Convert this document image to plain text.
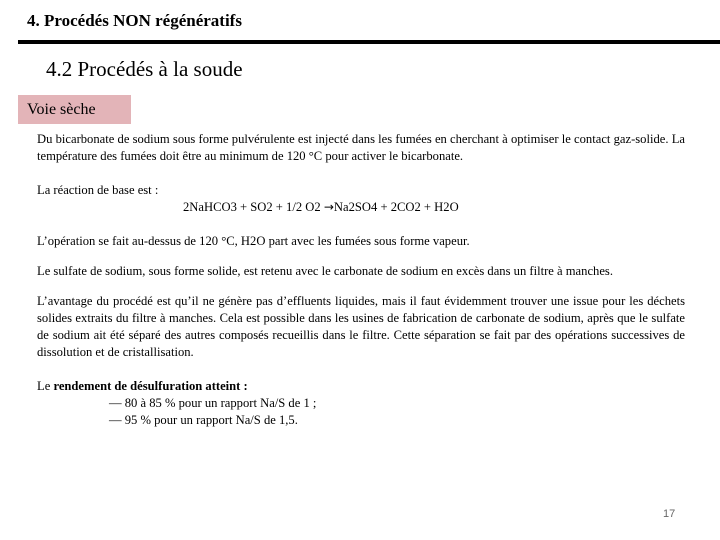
4. Procédés NON régénératifs
4.2 Procédés à la soude
Voie sèche

Du bicarbonate de sodium sous forme pulvérulente est injecté dans les fumées en cherchant à optimiser le contact gaz-solide. La température des fumées doit être au minimum de 120 °C pour activer le bicarbonate.

La réaction de base est :

2NaHCO3 + SO2 + 1/2 O2 →Na2SO4 + 2CO2 + H2O

L’opération se fait au-dessus de 120 °C, H2O part avec les fumées sous forme vapeur.

Le sulfate de sodium, sous forme solide, est retenu avec le carbonate de sodium en excès dans un filtre à manches.

L’avantage du procédé est qu’il ne génère pas d’effluents liquides, mais il faut évidemment trouver une issue pour les déchets solides extraits du filtre à manches. Cela est possible dans les usines de fabrication de carbonate de sodium, après que le sulfate de sodium ait été séparé des autres composés recueillis dans le filtre. Cette séparation se fait par des opérations successives de dissolution et de cristallisation.

Le rendement de désulfuration atteint :

— 80 à 85 % pour un rapport Na/S de 1 ;

— 95 % pour un rapport Na/S de 1,5.

17
